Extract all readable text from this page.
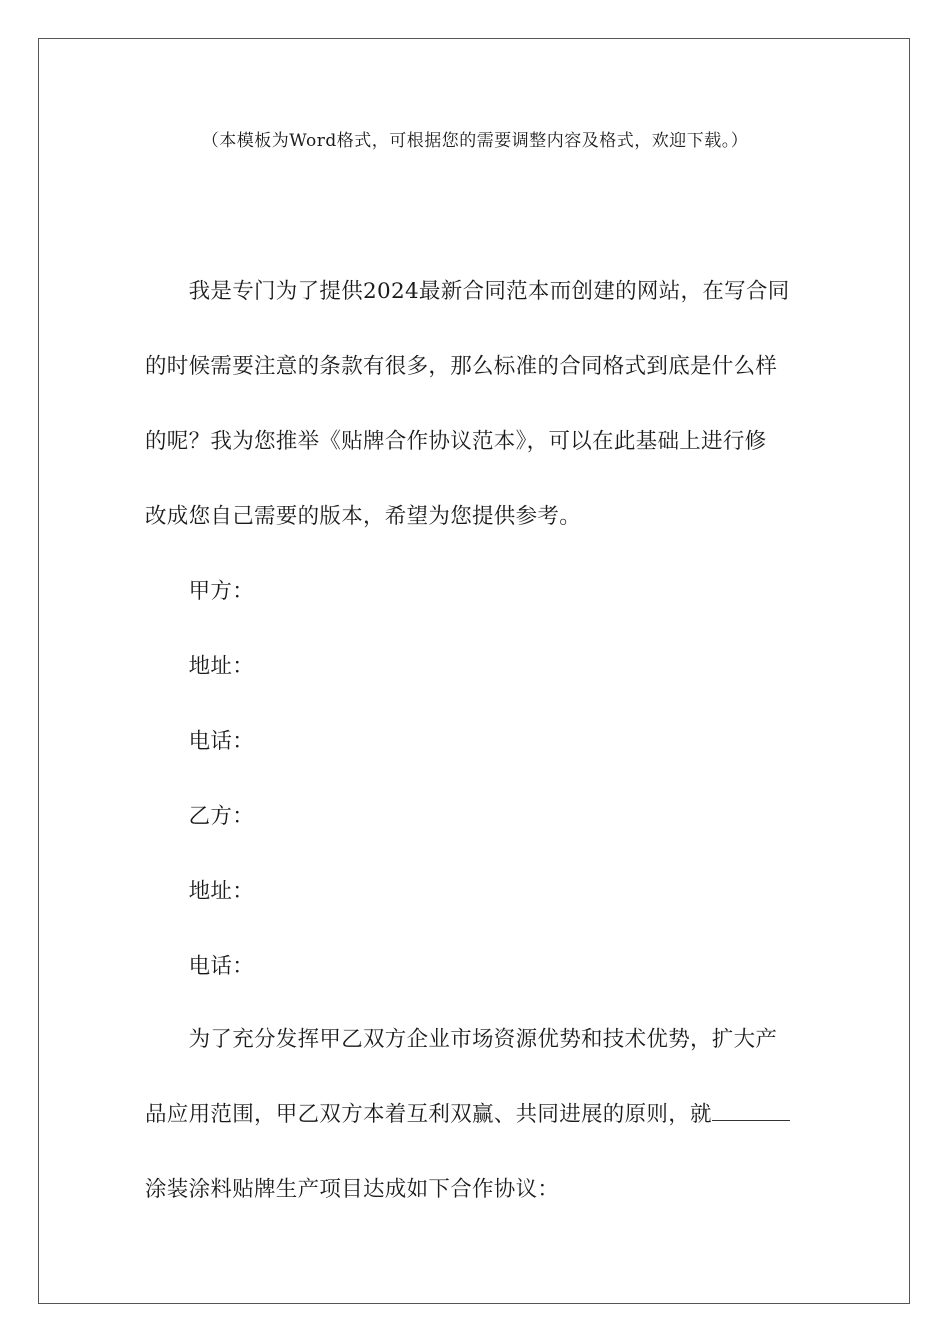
（本模板为Word格式，可根据您的需要调整内容及格式，欢迎下载。）
　　我是专门为了提供2024最新合同范本而创建的网站，在写合同
的时候需要注意的条款有很多，那么标准的合同格式到底是什么样
的呢？我为您推举《贴牌合作协议范本》，可以在此基础上进行修
改成您自己需要的版本，希望为您提供参考。
　　甲方：
　　地址：
　　电话：
　　乙方：
　　地址：
　　电话：
　　为了充分发挥甲乙双方企业市场资源优势和技术优势，扩大产
品应用范围，甲乙双方本着互利双赢、共同进展的原则，就
涂装涂料贴牌生产项目达成如下合作协议：
